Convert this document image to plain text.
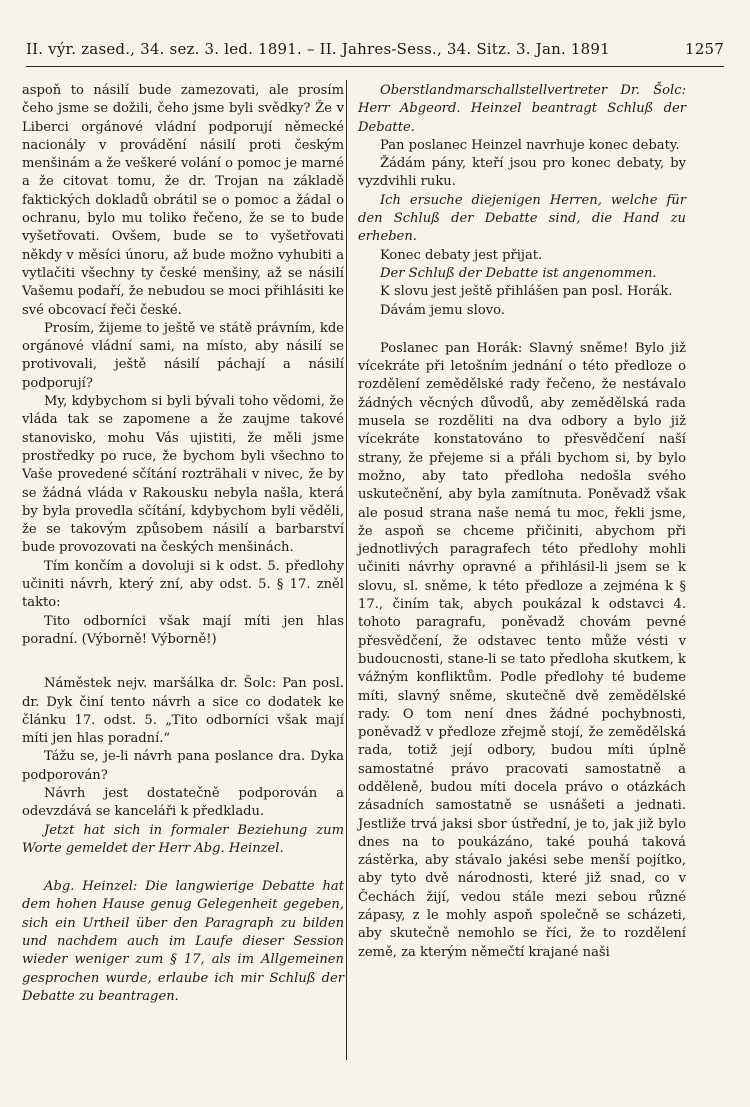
II. výr. zased., 34. sez. 3. led. 1891. – II. Jahres-Sess., 34. Sitz. 3. Jan. 1891	1257

aspoň to násilí bude zamezovati, ale prosím čeho jsme se dožili, čeho jsme byli svědky? Že v Liberci orgánové vládní podporují německé nacionály v provádění násilí proti českým menšinám a že veškeré volání o pomoc je marné a že citovat tomu, že dr. Trojan na základě faktických dokladů obrátil se o pomoc a žádal o ochranu, bylo mu toliko řečeno, že se to bude vyšetřovati. Ovšem, bude se to vyšetřovati někdy v měsíci únoru, až bude možno vyhubiti a vytlačiti všechny ty české menšiny, až se násilí Vašemu podaří, že nebudou se moci přihlásiti ke své obcovací řeči české.

Prosím, žijeme to ještě ve státě právním, kde orgánové vládní sami, na místo, aby násilí se protivovali, ještě násilí páchají a násilí podporují?

My, kdybychom si byli bývali toho vědomi, že vláda tak se zapomene a že zaujme takové stanovisko, mohu Vás ujistiti, že měli jsme prostředky po ruce, že bychom byli všechno to Vaše provedené sčítání rozträhali v nivec, že by se žádná vláda v Rakousku nebyla našla, která by byla provedla sčítání, kdybychom byli věděli, že se takovým způsobem násilí a barbarství bude provozovati na českých menšinách.

Tím končím a dovoluji si k odst. 5. předlohy učiniti návrh, který zní, aby odst. 5. § 17. zněl takto:

Tito odborníci však mají míti jen hlas poradní. (Výborně! Výborně!)

Náměstek nejv. maršálka dr. Šolc: Pan posl. dr. Dyk činí tento návrh a sice co dodatek ke článku 17. odst. 5. „Tito odborníci však mají míti jen hlas poradní.“

Tážu se, je-li návrh pana poslance dra. Dyka podporován?

Návrh jest dostatečně podporován a odevzdává se kanceláři k předkladu.

Jetzt hat sich in formaler Beziehung zum Worte gemeldet der Herr Abg. Heinzel.

Abg. Heinzel: Die langwierige Debatte hat dem hohen Hause genug Gelegenheit gegeben, sich ein Urtheil über den Paragraph zu bilden und nachdem auch im Laufe dieser Session wieder weniger zum § 17, als im Allgemeinen gesprochen wurde, erlaube ich mir Schluß der Debatte zu beantragen.

Oberstlandmarschallstellvertreter Dr. Šolc: Herr Abgeord. Heinzel beantragt Schluß der Debatte.

Pan poslanec Heinzel navrhuje konec debaty.

Žádám pány, kteří jsou pro konec debaty, by vyzdvihli ruku.

Ich ersuche diejenigen Herren, welche für den Schluß der Debatte sind, die Hand zu erheben.

Konec debaty jest přijat.

Der Schluß der Debatte ist angenommen.

K slovu jest ještě přihlášen pan posl. Horák.

Dávám jemu slovo.

Poslanec pan Horák: Slavný sněme! Bylo již vícekráte při letošním jednání o této předloze o rozdělení zemědělské rady řečeno, že nestávalo žádných věcných důvodů, aby zemědělská rada musela se rozděliti na dva odbory a bylo již vícekráte konstatováno to přesvědčení naší strany, že přejeme si a přáli bychom si, by bylo možno, aby tato předloha nedošla svého uskutečnění, aby byla zamítnuta. Poněvadž však ale posud strana naše nemá tu moc, řekli jsme, že aspoň se chceme přičiniti, abychom při jednotlivých paragrafech této předlohy mohli učiniti návrhy opravné a přihlásil-li jsem se k slovu, sl. sněme, k této předloze a zejména k § 17., činím tak, abych poukázal k odstavci 4. tohoto paragrafu, poněvadž chovám pevné přesvědčení, že odstavec tento může vésti v budoucnosti, stane-li se tato předloha skutkem, k vážným konfliktům. Podle předlohy té budeme míti, slavný sněme, skutečně dvě zemědělské rady. O tom není dnes žádné pochybnosti, poněvadž v předloze zřejmě stojí, že zemědělská rada, totiž její odbory, budou míti úplně samostatné právo pracovati samostatně a odděleně, budou míti docela právo o otázkách zásadních samostatně se usnášeti a jednati. Jestliže trvá jaksi sbor ústřední, je to, jak již bylo dnes na to poukázáno, také pouhá taková zástěrka, aby stávalo jakési sebe menší pojítko, aby tyto dvě národnosti, které již snad, co v Čechách žijí, vedou stále mezi sebou různé zápasy, z le mohly aspoň společně se scházeti, aby skutečně nemohlo se říci, že to rozdělení země, za kterým němečtí krajané naši
